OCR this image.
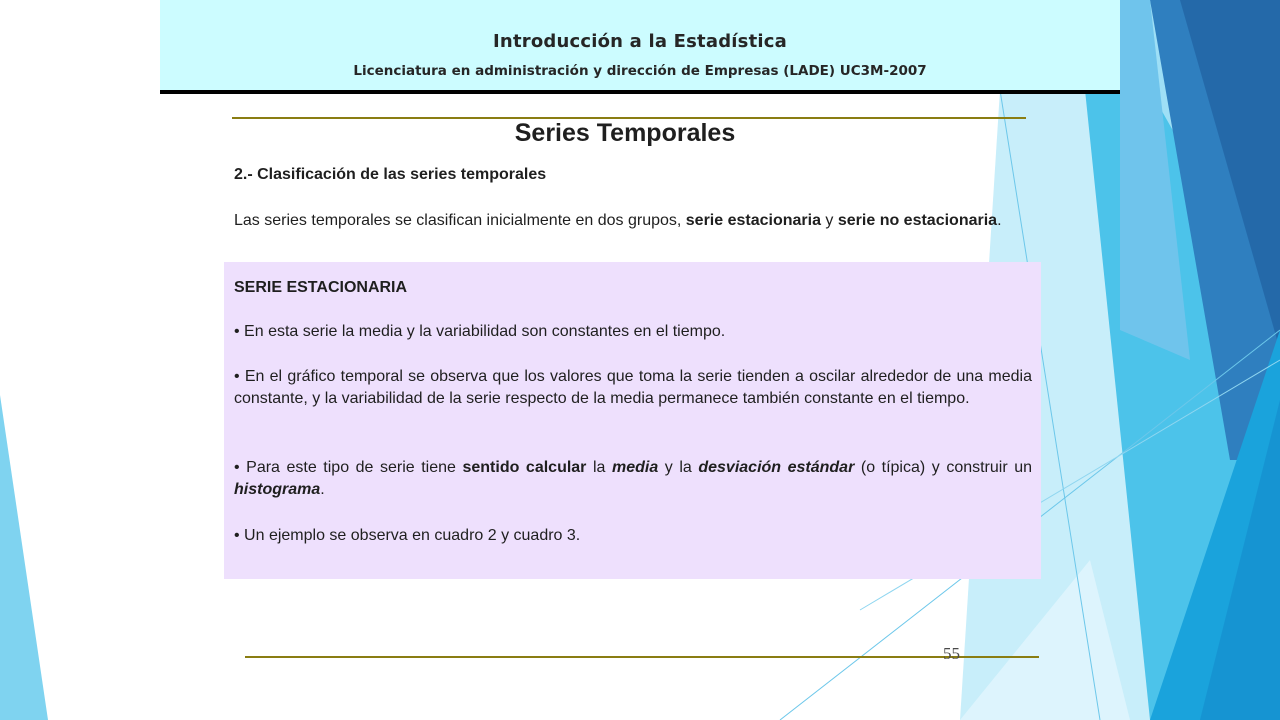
Introducción a la Estadística
Licenciatura en administración y dirección de Empresas (LADE) UC3M-2007
Series Temporales
2.- Clasificación de las series temporales
Las series temporales se clasifican inicialmente en dos grupos, serie estacionaria y serie no estacionaria.
SERIE ESTACIONARIA
• En esta serie la media y la variabilidad son constantes en el tiempo.
• En el gráfico temporal se observa que los valores que toma la serie tienden a oscilar alrededor de una media constante, y la variabilidad de la serie respecto de la media permanece también constante en el tiempo.
• Para este tipo de serie tiene sentido calcular la media y la desviación estándar (o típica) y construir un histograma.
• Un ejemplo se observa en cuadro 2 y cuadro 3.
55
